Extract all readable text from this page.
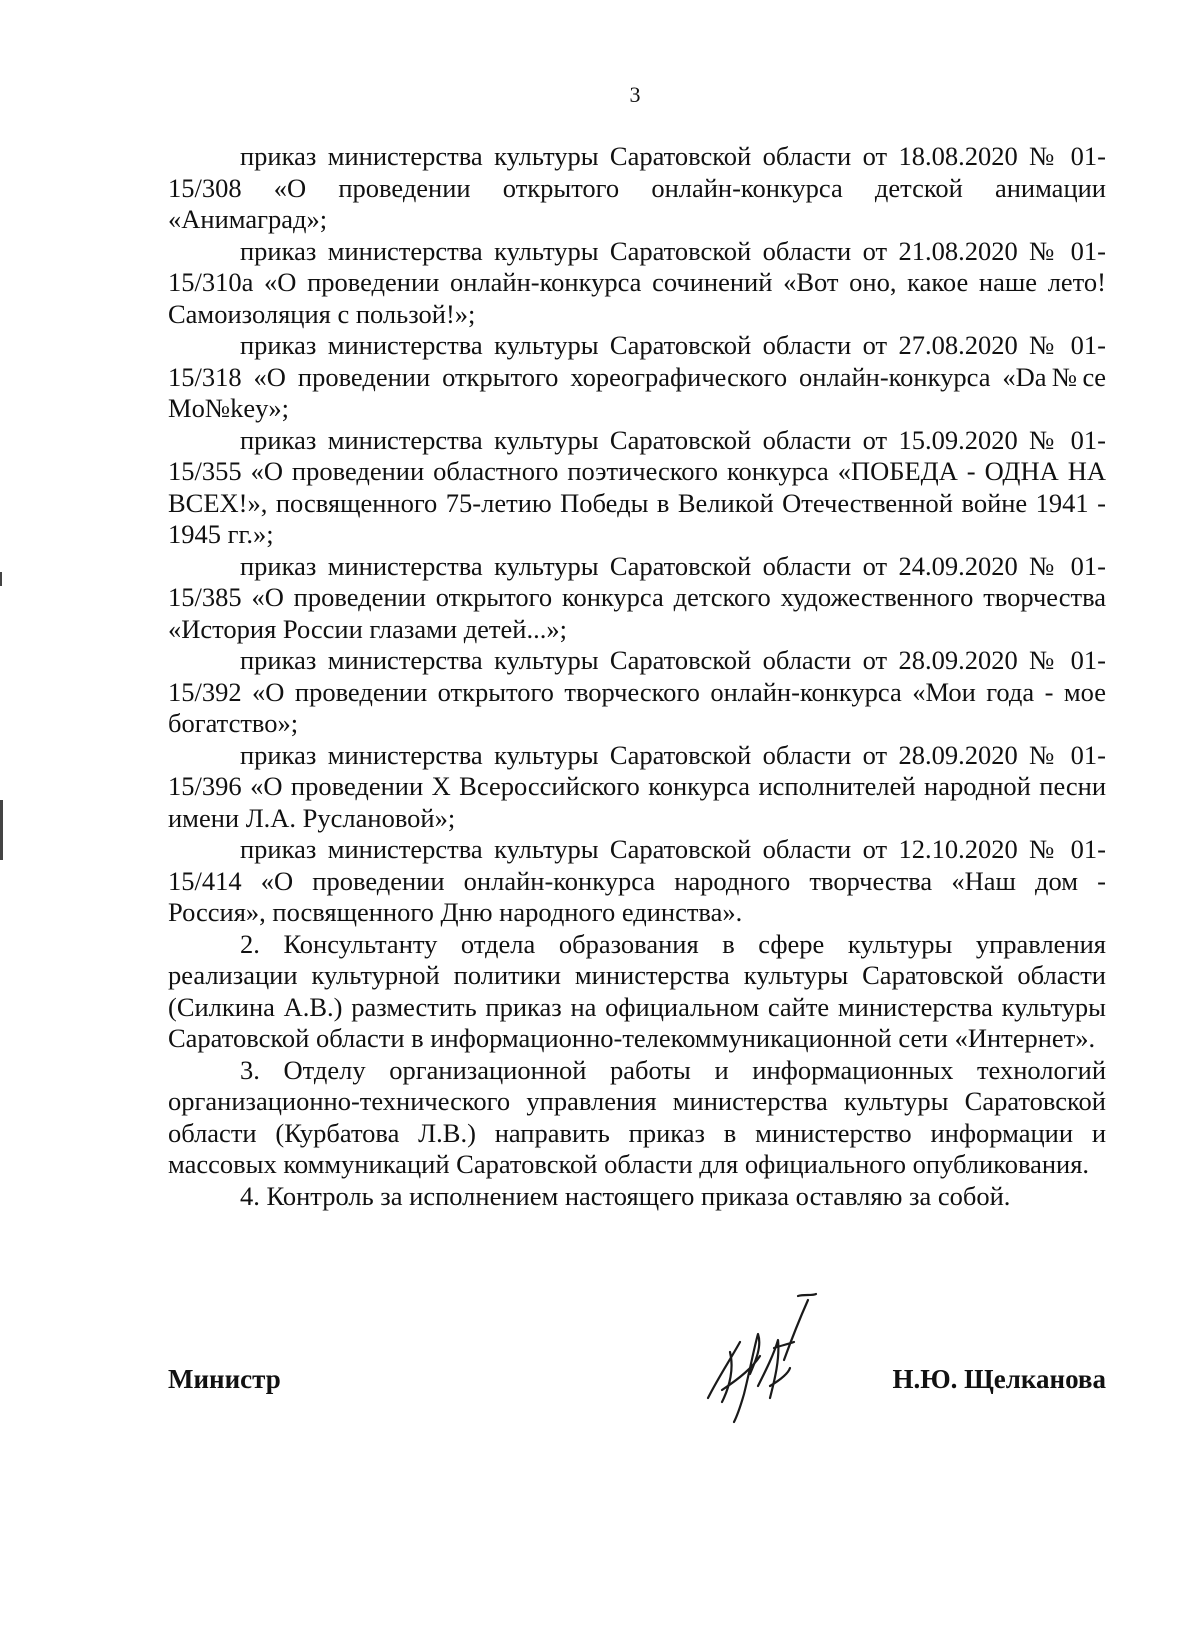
3

приказ министерства культуры Саратовской области от 18.08.2020 № 01-15/308 «О проведении открытого онлайн-конкурса детской анимации «Анимаград»;

приказ министерства культуры Саратовской области от 21.08.2020 № 01-15/310а «О проведении онлайн-конкурса сочинений «Вот оно, какое наше лето! Самоизоляция с пользой!»;

приказ министерства культуры Саратовской области от 27.08.2020 № 01-15/318 «О проведении открытого хореографического онлайн-конкурса «Da№ce Mo№key»;

приказ министерства культуры Саратовской области от 15.09.2020 № 01-15/355 «О проведении областного поэтического конкурса «ПОБЕДА - ОДНА НА ВСЕХ!», посвященного 75-летию Победы в Великой Отечественной войне 1941 - 1945 гг.»;

приказ министерства культуры Саратовской области от 24.09.2020 № 01-15/385 «О проведении открытого конкурса детского художественного творчества «История России глазами детей...»;

приказ министерства культуры Саратовской области от 28.09.2020 № 01-15/392 «О проведении открытого творческого онлайн-конкурса «Мои года - мое богатство»;

приказ министерства культуры Саратовской области от 28.09.2020 № 01-15/396 «О проведении X Всероссийского конкурса исполнителей народной песни имени Л.А. Руслановой»;

приказ министерства культуры Саратовской области от 12.10.2020 № 01-15/414 «О проведении онлайн-конкурса народного творчества «Наш дом - Россия», посвященного Дню народного единства».

2. Консультанту отдела образования в сфере культуры управления реализации культурной политики министерства культуры Саратовской области (Силкина А.В.) разместить приказ на официальном сайте министерства культуры Саратовской области в информационно-телекоммуникационной сети «Интернет».

3. Отделу организационной работы и информационных технологий организационно-технического управления министерства культуры Саратовской области (Курбатова Л.В.) направить приказ в министерство информации и массовых коммуникаций Саратовской области для официального опубликования.

4. Контроль за исполнением настоящего приказа оставляю за собой.

Министр	Н.Ю. Щелканова
